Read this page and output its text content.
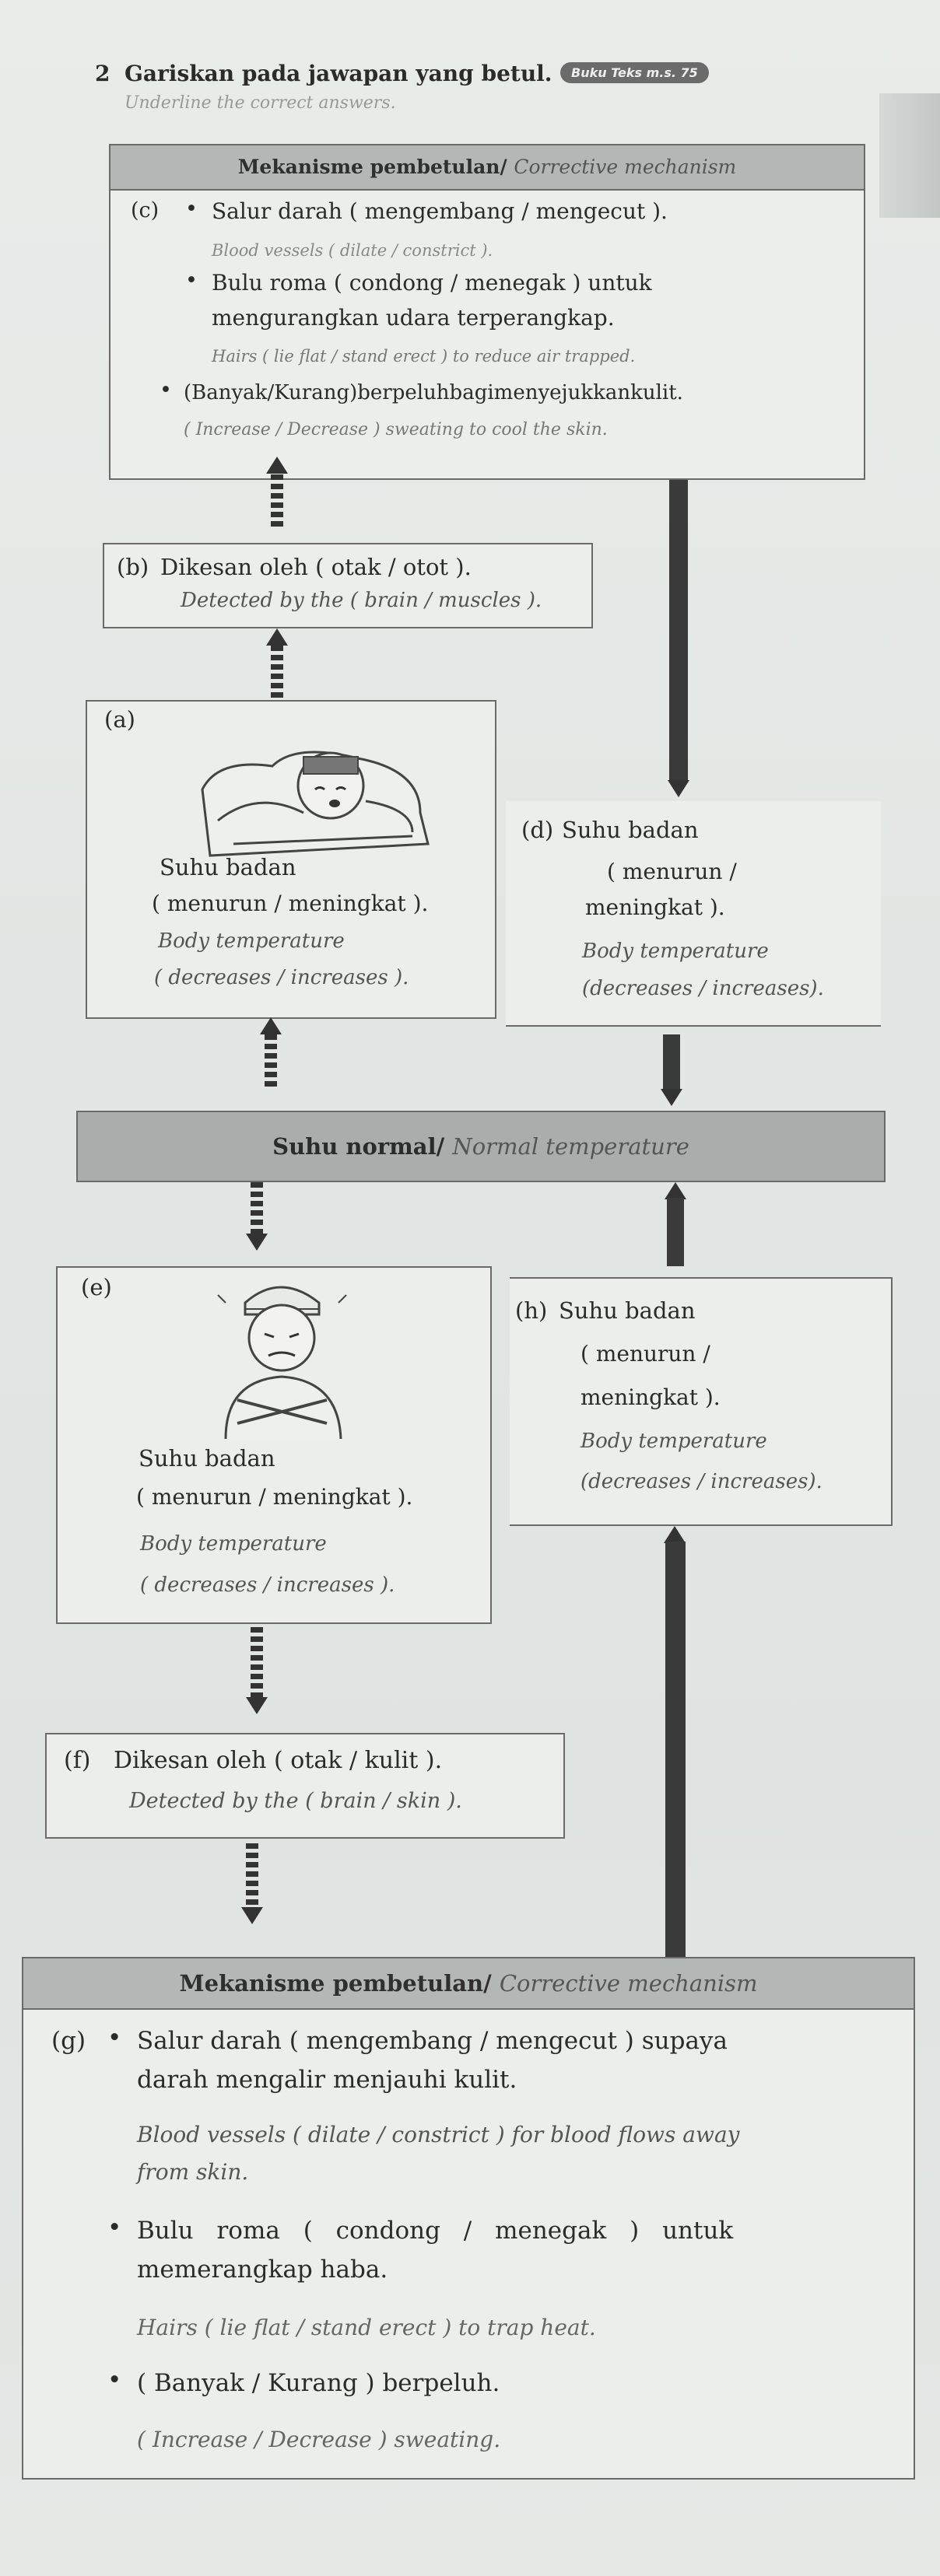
2 Gariskan pada jawapan yang betul.	Buku Teks m.s. 75
Underline the correct answers.
Mekanisme pembetulan/ Corrective mechanism
(c) • Salur darah ( mengembang / mengecut ).
Blood vessels ( dilate / constrict ).
• Bulu roma ( condong / menegak ) untuk
mengurangkan udara terperangkap.
Hairs ( lie flat / stand erect ) to reduce air trapped.
• (Banyak/Kurang)berpeluhbagimenyejukkankulit.
( Increase / Decrease ) sweating to cool the skin.
(b) Dikesan oleh ( otak / otot ).
Detected by the ( brain / muscles ).
(a)
Suhu badan
( menurun / meningkat ).
Body temperature
( decreases / increases ).
(d) Suhu badan
( menurun /
meningkat ).
Body temperature
(decreases / increases).
Suhu normal/ Normal temperature
(e)
Suhu badan
( menurun / meningkat ).
Body temperature
( decreases / increases ).
(h) Suhu badan
( menurun /
meningkat ).
Body temperature
(decreases / increases).
(f) Dikesan oleh ( otak / kulit ).
Detected by the ( brain / skin ).
Mekanisme pembetulan/ Corrective mechanism
(g) • Salur darah ( mengembang / mengecut ) supaya
darah mengalir menjauhi kulit.
Blood vessels ( dilate / constrict ) for blood flows away
from skin.
• Bulu roma ( condong / menegak ) untuk
memerangkap haba.
Hairs ( lie flat / stand erect ) to trap heat.
• ( Banyak / Kurang ) berpeluh.
( Increase / Decrease ) sweating.
